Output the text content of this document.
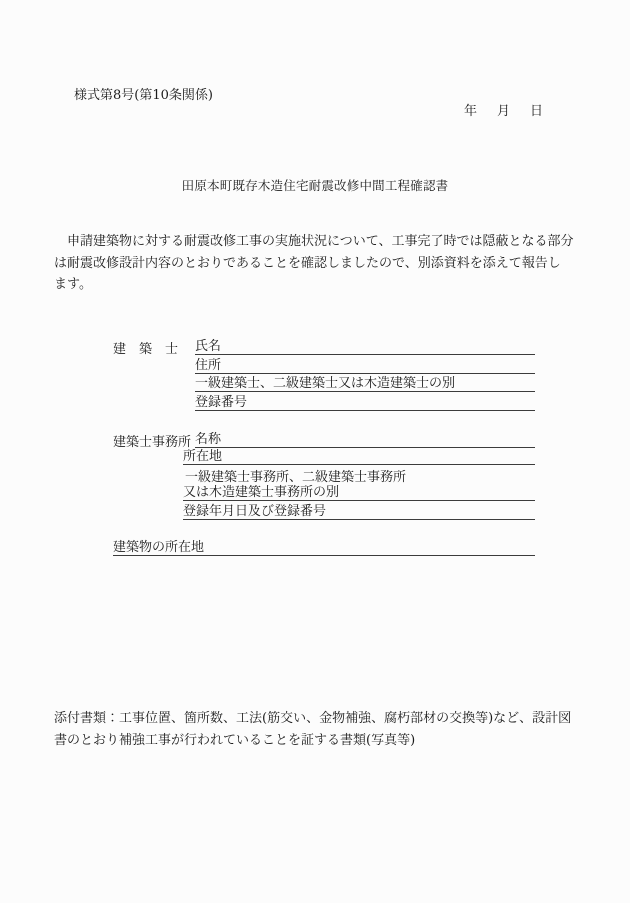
様式第8号(第10条関係)
年 月 日
田原本町既存木造住宅耐震改修中間工程確認書
申請建築物に対する耐震改修工事の実施状況について、工事完了時では隠蔽となる部分
は耐震改修設計内容のとおりであることを確認しましたので、別添資料を添えて報告し
ます。
建　築　士 氏名
住所
一級建築士、二級建築士又は木造建築士の別
登録番号
建築士事務所 名称
所在地
一級建築士事務所、二級建築士事務所
又は木造建築士事務所の別
登録年月日及び登録番号
建築物の所在地
添付書類：工事位置、箇所数、工法(筋交い、金物補強、腐朽部材の交換等)など、設計図
書のとおり補強工事が行われていることを証する書類(写真等)
